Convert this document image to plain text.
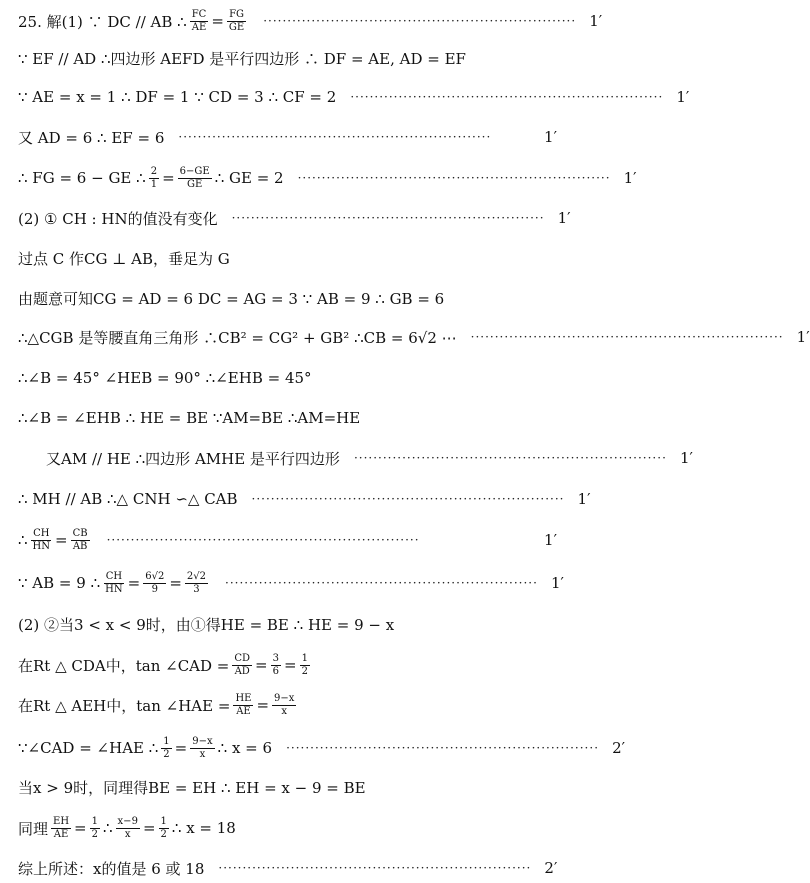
25. 解(1) ∵ DC // AB ∴ $\frac{FC}{AE} = \frac{FG}{GE}$ ································································· 1′
∵ EF // AD ∴四边形 AEFD 是平行四边形 ∴ DF = AE, AD = EF
∵ AE = x = 1 ∴ DF = 1 ∵ CD = 3 ∴ CF = 2 ································································· 1′
又 AD = 6 ∴ EF = 6 ·································································	1′
∴ FG = 6 − GE ∴ $\frac{2}{1} = \frac{6-GE}{GE}$ ∴ GE = 2 ································································· 1′
(2) ① CH : HN的值没有变化 ································································· 1′
过点 C 作CG ⊥ AB，垂足为 G
由题意可知CG = AD = 6 DC = AG = 3 ∵ AB = 9 ∴ GB = 6
∴△CGB 是等腰直角三角形 ∴CB² = CG² + GB² ∴CB = 6√2 ⋯ ································································· 1′
∴∠B = 45° ∠HEB = 90° ∴∠EHB = 45°
∴∠B = ∠EHB ∴ HE = BE ∵AM=BE ∴AM=HE
又AM // HE ∴四边形 AMHE 是平行四边形 ································································· 1′
∴ MH // AB ∴△ CNH ∽△ CAB ································································· 1′
∴ $\frac{CH}{HN} = \frac{CB}{AB}$ ·································································	1′
∵ AB = 9 ∴ $\frac{CH}{HN} = \frac{6√2}{9} = \frac{2√2}{3}$ ································································· 1′
(2) ②当3 < x < 9时，由①得HE = BE ∴ HE = 9 − x
在Rt △ CDA中，tan ∠CAD = $\frac{CD}{AD} = \frac{3}{6} = \frac{1}{2}$
在Rt △ AEH中，tan ∠HAE = $\frac{HE}{AE} = \frac{9-x}{x}$
∵∠CAD = ∠HAE ∴ $\frac{1}{2} = \frac{9-x}{x}$ ∴ x = 6 ································································· 2′
当x > 9时，同理得BE = EH ∴ EH = x − 9 = BE
同理 $\frac{EH}{AE} = \frac{1}{2}$ ∴ $\frac{x-9}{x} = \frac{1}{2}$ ∴ x = 18
综上所述：x的值是 6 或 18 ································································· 2′
